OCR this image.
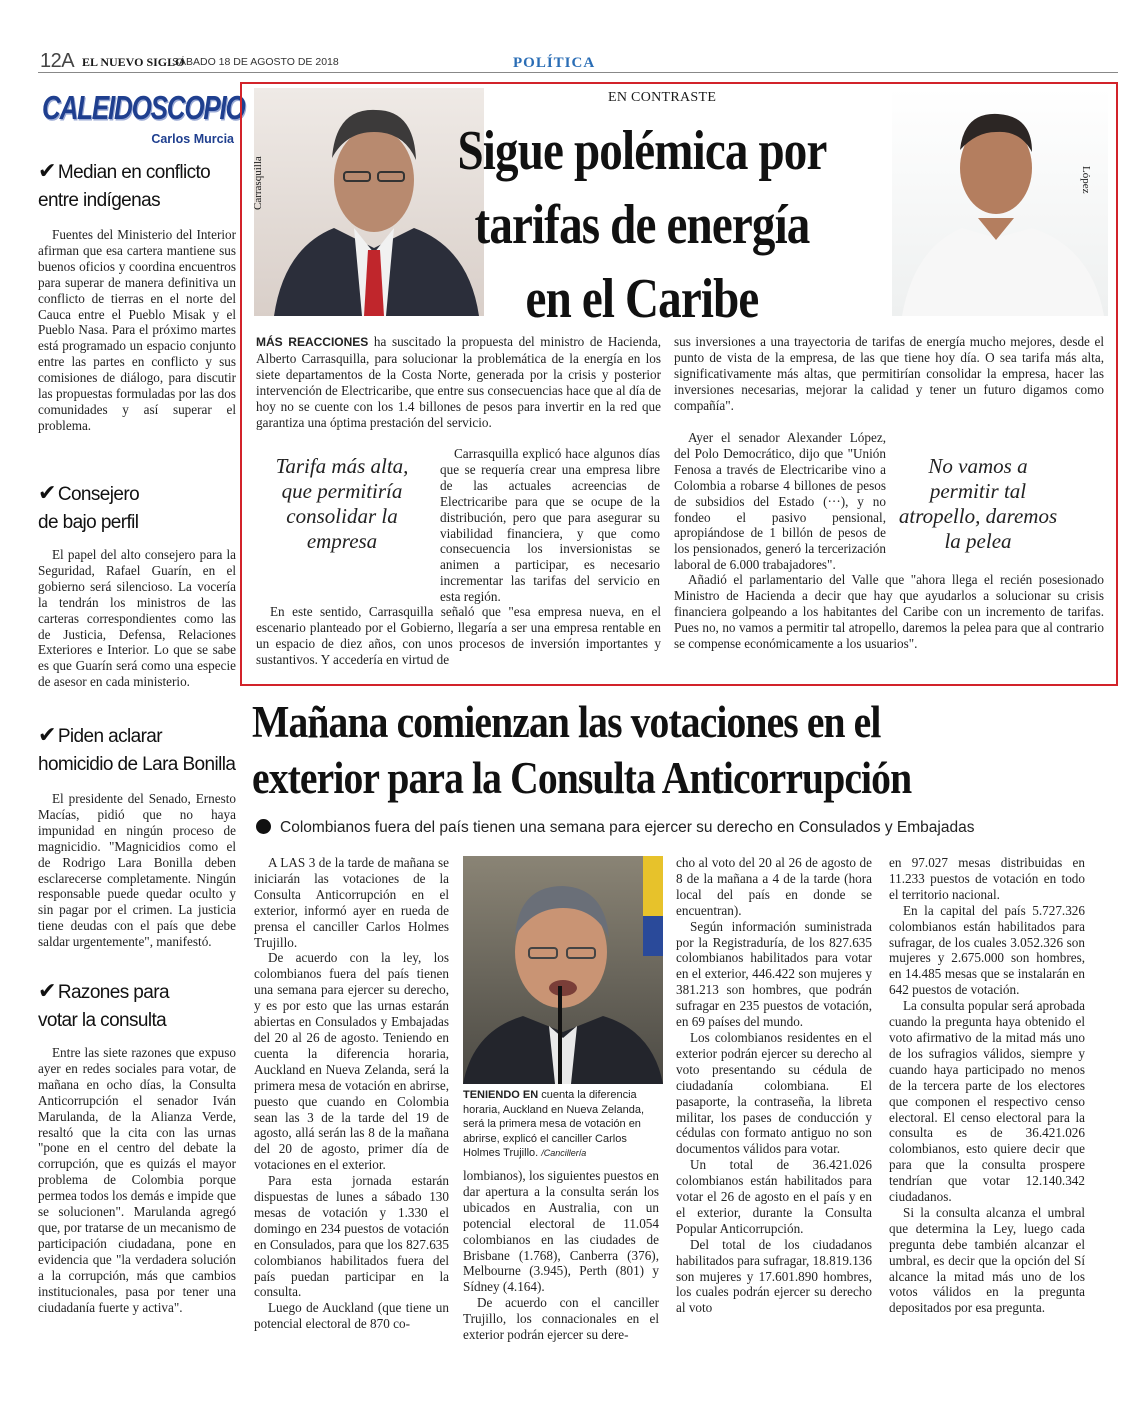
12A EL NUEVO SIGLO
SÁBADO 18 DE AGOSTO DE 2018	POLÍTICA
CALEIDOSCOPIO
Carlos Murcia
✔ Median en conflicto
entre indígenas

Fuentes del Ministerio del Interior afirman que esa cartera mantiene sus buenos oficios y coordina encuentros para superar de manera definitiva un conflicto de tierras en el norte del Cauca entre el Pueblo Misak y el Pueblo Nasa. Para el próximo martes está programado un espacio conjunto entre las partes en conflicto y sus comisiones de diálogo, para discutir las propuestas formuladas por las dos comunidades y así superar el problema.

✔ Consejero
de bajo perfil

El papel del alto consejero para la Seguridad, Rafael Guarín, en el gobierno será silencioso. La vocería la tendrán los ministros de las carteras correspondientes como las de Justicia, Defensa, Relaciones Exteriores e Interior. Lo que se sabe es que Guarín será como una especie de asesor en cada ministerio.

✔ Piden aclarar
homicidio de Lara Bonilla

El presidente del Senado, Ernesto Macías, pidió que no haya impunidad en ningún proceso de magnicidio. "Magnicidios como el de Rodrigo Lara Bonilla deben esclarecerse completamente. Ningún responsable puede quedar oculto y sin pagar por el crimen. La justicia tiene deudas con el país que debe saldar urgentemente", manifestó.

✔ Razones para
votar la consulta

Entre las siete razones que expuso ayer en redes sociales para votar, de mañana en ocho días, la Consulta Anticorrupción el senador Iván Marulanda, de la Alianza Verde, resaltó que la cita con las urnas "pone en el centro del debate la corrupción, que es quizás el mayor problema de Colombia porque permea todos los demás e impide que se solucionen". Marulanda agregó que, por tratarse de un mecanismo de participación ciudadana, pone en evidencia que "la verdadera solución a la corrupción, más que cambios institucionales, pasa por tener una ciudadanía fuerte y activa".

EN CONTRASTE
Carrasquilla	López
Sigue polémica por
tarifas de energía
en el Caribe

MÁS REACCIONES ha suscitado la propuesta del ministro de Hacienda, Alberto Carrasquilla, para solucionar la problemática de la energía en los siete departamentos de la Costa Norte, generada por la crisis y posterior intervención de Electricaribe, que entre sus consecuencias hace que al día de hoy no se cuente con los 1.4 billones de pesos para invertir en la red que garantiza una óptima prestación del servicio.

Tarifa más alta, que permitiría consolidar la empresa

Carrasquilla explicó hace algunos días que se requería crear una empresa libre de las actuales acreencias de Electricaribe para que se ocupe de la distribución, pero que para asegurar su viabilidad financiera, y que como consecuencia los inversionistas se animen a participar, es necesario incrementar las tarifas del servicio en esta región.

En este sentido, Carrasquilla señaló que "esa empresa nueva, en el escenario planteado por el Gobierno, llegaría a ser una empresa rentable en un espacio de diez años, con unos procesos de inversión importantes y sustantivos. Y accedería en virtud de

sus inversiones a una trayectoria de tarifas de energía mucho mejores, desde el punto de vista de la empresa, de las que tiene hoy día. O sea tarifa más alta, significativamente más altas, que permitirían consolidar la empresa, hacer las inversiones necesarias, mejorar la calidad y tener un futuro digamos como compañía".

Ayer el senador Alexander López, del Polo Democrático, dijo que "Unión Fenosa a través de Electricaribe vino a Colombia a robarse 4 billones de pesos de subsidios del Estado (···), y no fondeo el pasivo pensional, apropiándose de 1 billón de pesos de los pensionados, generó la tercerización laboral de 6.000 trabajadores".

No vamos a permitir tal atropello, daremos la pelea

Añadió el parlamentario del Valle que "ahora llega el recién posesionado Ministro de Hacienda a decir que hay que ayudarlos a solucionar su crisis financiera golpeando a los habitantes del Caribe con un incremento de tarifas. Pues no, no vamos a permitir tal atropello, daremos la pelea para que al contrario se compense económicamente a los usuarios".

Mañana comienzan las votaciones en el
exterior para la Consulta Anticorrupción
Colombianos fuera del país tienen una semana para ejercer su derecho en Consulados y Embajadas

A LAS 3 de la tarde de mañana se iniciarán las votaciones de la Consulta Anticorrupción en el exterior, informó ayer en rueda de prensa el canciller Carlos Holmes Trujillo.

De acuerdo con la ley, los colombianos fuera del país tienen una semana para ejercer su derecho, y es por esto que las urnas estarán abiertas en Consulados y Embajadas del 20 al 26 de agosto. Teniendo en cuenta la diferencia horaria, Auckland en Nueva Zelanda, será la primera mesa de votación en abrirse, puesto que cuando en Colombia sean las 3 de la tarde del 19 de agosto, allá serán las 8 de la mañana del 20 de agosto, primer día de votaciones en el exterior.

Para esta jornada estarán dispuestas de lunes a sábado 130 mesas de votación y 1.330 el domingo en 234 puestos de votación en Consulados, para que los 827.635 colombianos habilitados fuera del país puedan participar en la consulta.

Luego de Auckland (que tiene un potencial electoral de 870 co-

TENIENDO EN cuenta la diferencia horaria, Auckland en Nueva Zelanda, será la primera mesa de votación en abrirse, explicó el canciller Carlos Holmes Trujillo. /Cancillería

lombianos), los siguientes puestos en dar apertura a la consulta serán los ubicados en Australia, con un potencial electoral de 11.054 colombianos en las ciudades de Brisbane (1.768), Canberra (376), Melbourne (3.945), Perth (801) y Sídney (4.164).

De acuerdo con el canciller Trujillo, los connacionales en el exterior podrán ejercer su dere-

cho al voto del 20 al 26 de agosto de 8 de la mañana a 4 de la tarde (hora local del país en donde se encuentran).

Según información suministrada por la Registraduría, de los 827.635 colombianos habilitados para votar en el exterior, 446.422 son mujeres y 381.213 son hombres, que podrán sufragar en 235 puestos de votación, en 69 países del mundo.

Los colombianos residentes en el exterior podrán ejercer su derecho al voto presentando su cédula de ciudadanía colombiana. El pasaporte, la contraseña, la libreta militar, los pases de conducción y cédulas con formato antiguo no son documentos válidos para votar.

Un total de 36.421.026 colombianos están habilitados para votar el 26 de agosto en el país y en el exterior, durante la Consulta Popular Anticorrupción.

Del total de los ciudadanos habilitados para sufragar, 18.819.136 son mujeres y 17.601.890 hombres, los cuales podrán ejercer su derecho al voto

en 97.027 mesas distribuidas en 11.233 puestos de votación en todo el territorio nacional.

En la capital del país 5.727.326 colombianos están habilitados para sufragar, de los cuales 3.052.326 son mujeres y 2.675.000 son hombres, en 14.485 mesas que se instalarán en 642 puestos de votación.

La consulta popular será aprobada cuando la pregunta haya obtenido el voto afirmativo de la mitad más uno de los sufragios válidos, siempre y cuando haya participado no menos de la tercera parte de los electores que componen el respectivo censo electoral. El censo electoral para la consulta es de 36.421.026 colombianos, esto quiere decir que para que la consulta prospere tendrían que votar 12.140.342 ciudadanos.

Si la consulta alcanza el umbral que determina la Ley, luego cada pregunta debe también alcanzar el umbral, es decir que la opción del Sí alcance la mitad más uno de los votos válidos en la pregunta depositados por esa pregunta.
